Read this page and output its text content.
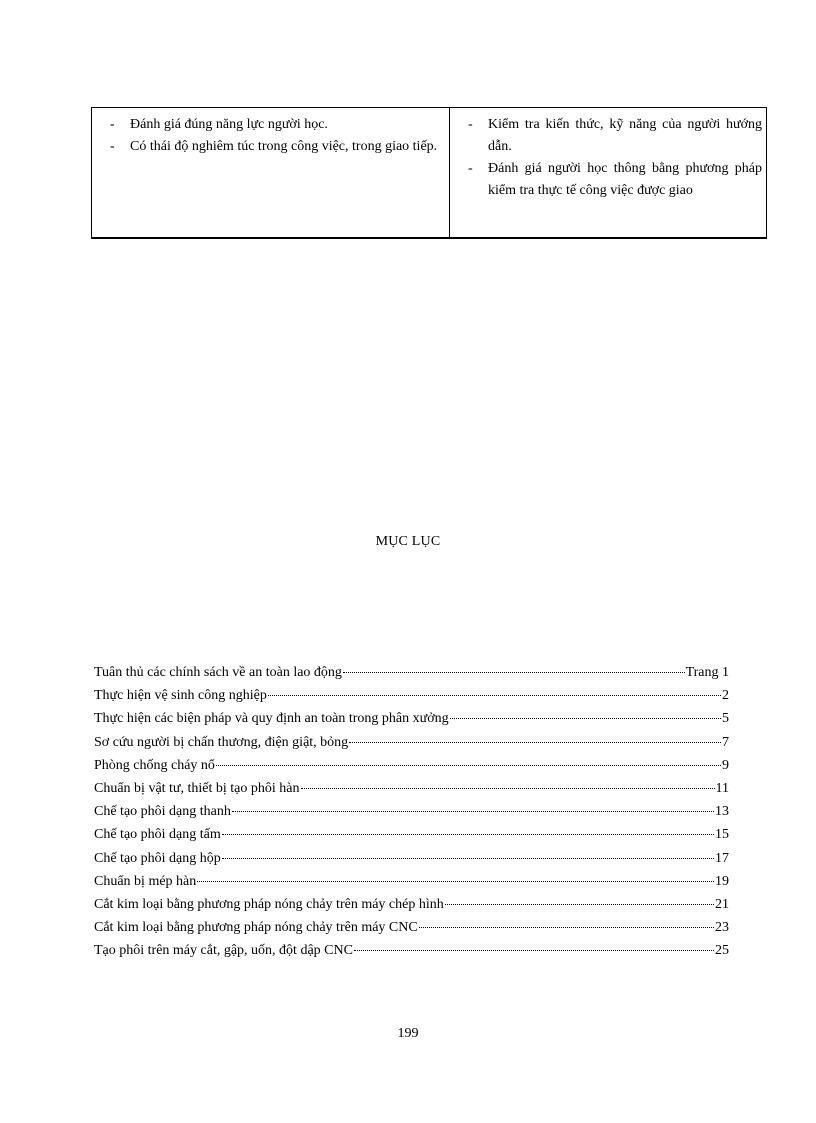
-	Đánh giá đúng năng lực người học.
-	Có thái độ nghiêm túc trong công việc, trong giao tiếp.
-	Kiểm tra kiến thức, kỹ năng của người hướng dẫn.
-	Đánh giá người học thông bằng phương pháp kiểm tra thực tế công việc được giao
MỤC LỤC
Tuân thủ các chính sách về an toàn lao động	Trang 1
Thực hiện vệ sinh công nghiệp	2
Thực hiện các biện pháp và quy định an toàn trong phân xưởng	5
Sơ cứu người bị chấn thương, điện giật, bỏng	7
Phòng chống cháy nổ	9
Chuẩn bị vật tư, thiết bị tạo phôi hàn	11
Chế tạo phôi dạng thanh	13
Chế tạo phôi dạng tấm	15
Chế tạo phôi dạng hộp	17
Chuẩn bị mép hàn	19
Cắt kim loại bằng phương pháp nóng chảy trên máy chép hình	21
Cắt kim loại bằng phương pháp nóng chảy trên máy CNC	23
Tạo phôi trên máy cắt, gập, uốn, đột dập CNC	25
199
